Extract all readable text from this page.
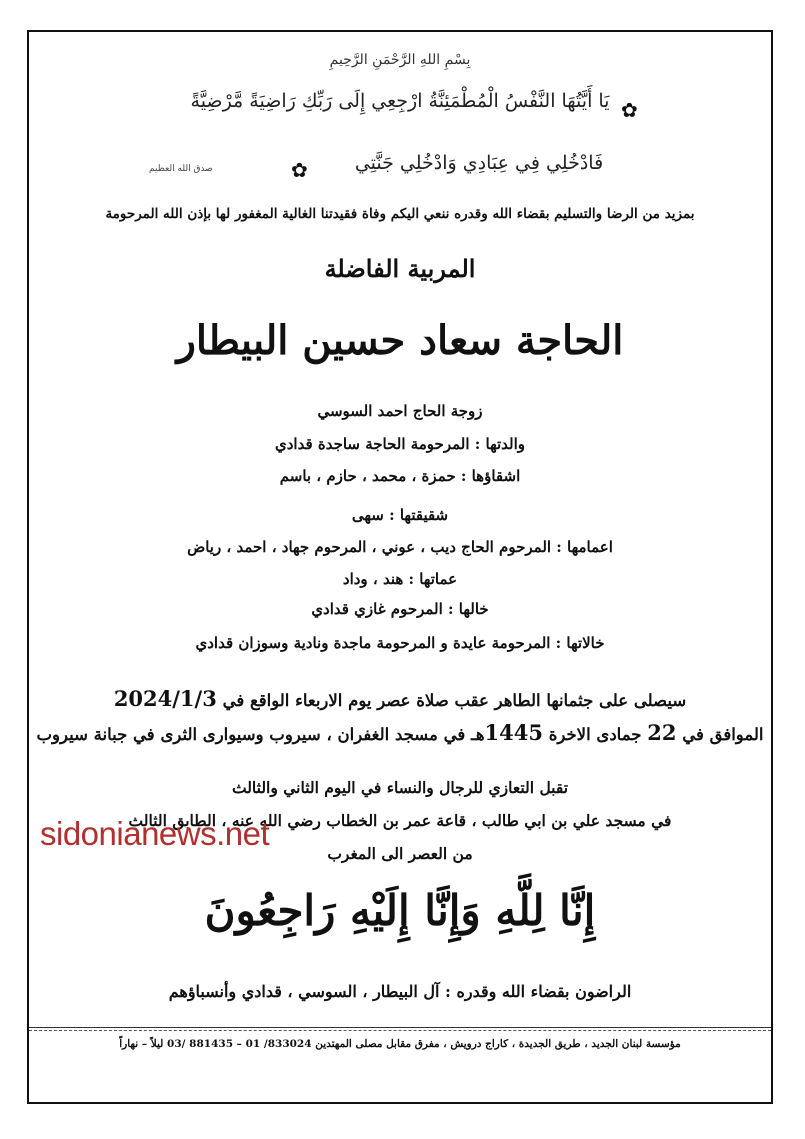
بِسْمِ اللهِ الرَّحْمَنِ الرَّحِيمِ
✿
يَا أَيَّتُهَا النَّفْسُ الْمُطْمَئِنَّةُ ارْجِعِي إِلَى رَبِّكِ رَاضِيَةً مَّرْضِيَّةً
صدق الله العظيم	✿	فَادْخُلِي فِي عِبَادِي وَادْخُلِي جَنَّتِي
بمزيد من الرضا والتسليم بقضاء الله وقدره ننعي اليكم وفاة فقيدتنا الغالية المغفور لها بإذن الله المرحومة
المربية الفاضلة
الحاجة سعاد حسين البيطار
زوجة الحاج احمد السوسي
والدتها : المرحومة الحاجة ساجدة قدادي
اشقاؤها : حمزة ، محمد ، حازم ، باسم
شقيقتها : سهى
اعمامها : المرحوم الحاج ديب ، عوني ، المرحوم جهاد ، احمد ، رياض
عماتها : هند ، وداد
خالها : المرحوم غازي قدادي
خالاتها : المرحومة عايدة و المرحومة ماجدة ونادية وسوزان قدادي
سيصلى على جثمانها الطاهر عقب صلاة عصر يوم الاربعاء الواقع في 2024/1/3
الموافق في 22 جمادى الاخرة 1445هـ في مسجد الغفران ، سيروب وسيوارى الثرى في جبانة سيروب
تقبل التعازي للرجال والنساء في اليوم الثاني والثالث
في مسجد علي بن ابي طالب ، قاعة عمر بن الخطاب رضي الله عنه ، الطابق الثالث
من العصر الى المغرب
إِنَّا لِلَّهِ وَإِنَّا إِلَيْهِ رَاجِعُونَ
الراضون بقضاء الله وقدره : آل البيطار ، السوسي ، قدادي وأنسباؤهم
مؤسسة لبنان الجديد ، طريق الجديدة ، كاراج درويش ، مفرق مقابل مصلى المهتدين 833024/ 01 – 881435 /03 ليلاً – نهاراً
sidonianews.net
